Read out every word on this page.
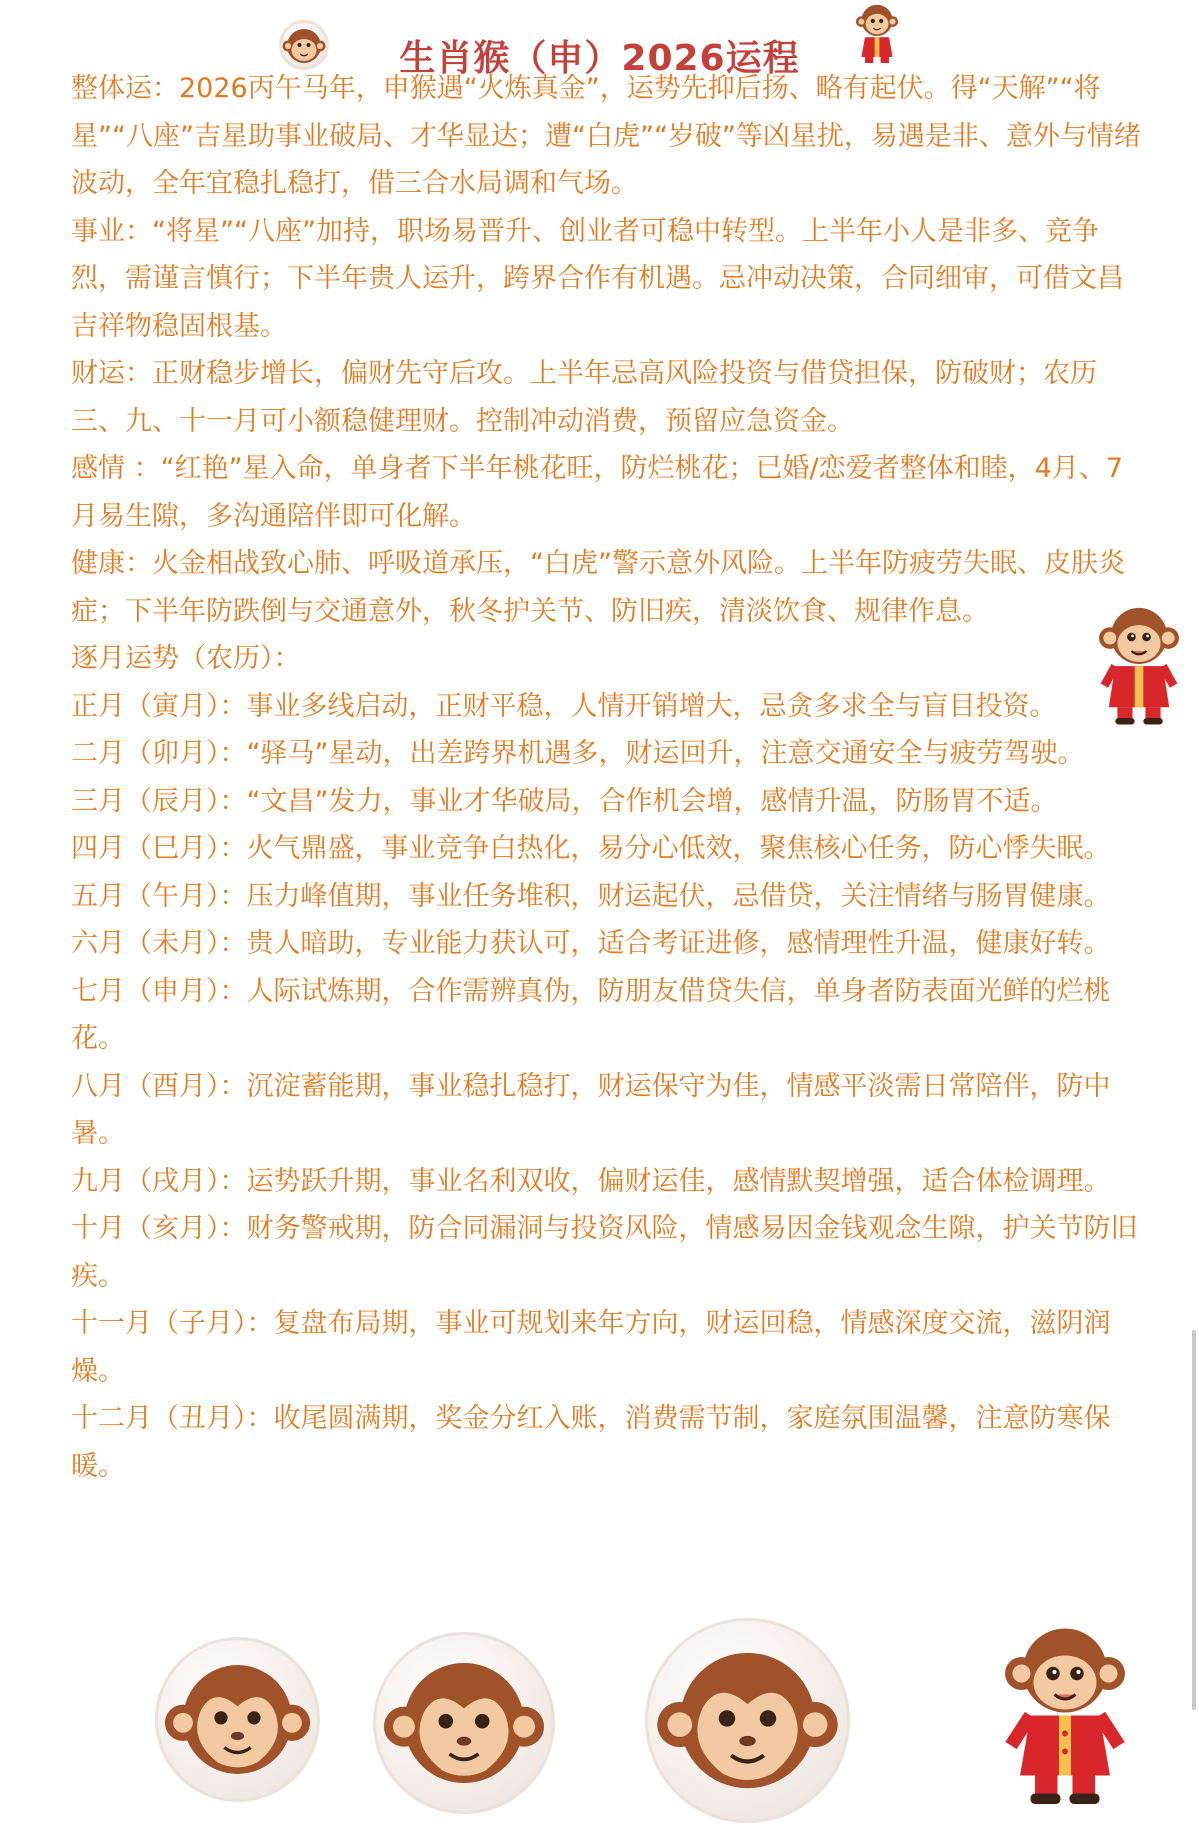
生肖猴（申）2026运程

整体运：2026丙午马年，申猴遇“火炼真金”，运势先抑后扬、略有起伏。得“天解”“将星”“八座”吉星助事业破局、才华显达；遭“白虎”“岁破”等凶星扰，易遇是非、意外与情绪波动，全年宜稳扎稳打，借三合水局调和气场。

事业：“将星”“八座”加持，职场易晋升、创业者可稳中转型。上半年小人是非多、竞争烈，需谨言慎行；下半年贵人运升，跨界合作有机遇。忌冲动决策，合同细审，可借文昌吉祥物稳固根基。

财运：正财稳步增长，偏财先守后攻。上半年忌高风险投资与借贷担保，防破财；农历三、九、十一月可小额稳健理财。控制冲动消费，预留应急资金。

感情 ：“红艳”星入命，单身者下半年桃花旺，防烂桃花；已婚/恋爱者整体和睦，4月、7月易生隙，多沟通陪伴即可化解。

健康：火金相战致心肺、呼吸道承压，“白虎”警示意外风险。上半年防疲劳失眠、皮肤炎症；下半年防跌倒与交通意外，秋冬护关节、防旧疾，清淡饮食、规律作息。

逐月运势（农历）：

正月（寅月）：事业多线启动，正财平稳，人情开销增大，忌贪多求全与盲目投资。

二月（卯月）：“驿马”星动，出差跨界机遇多，财运回升，注意交通安全与疲劳驾驶。

三月（辰月）：“文昌”发力，事业才华破局，合作机会增，感情升温，防肠胃不适。

四月（巳月）：火气鼎盛，事业竞争白热化，易分心低效，聚焦核心任务，防心悸失眠。

五月（午月）：压力峰值期，事业任务堆积，财运起伏，忌借贷，关注情绪与肠胃健康。

六月（未月）：贵人暗助，专业能力获认可，适合考证进修，感情理性升温，健康好转。

七月（申月）：人际试炼期，合作需辨真伪，防朋友借贷失信，单身者防表面光鲜的烂桃花。

八月（酉月）：沉淀蓄能期，事业稳扎稳打，财运保守为佳，情感平淡需日常陪伴，防中暑。

九月（戌月）：运势跃升期，事业名利双收，偏财运佳，感情默契增强，适合体检调理。

十月（亥月）：财务警戒期，防合同漏洞与投资风险，情感易因金钱观念生隙，护关节防旧疾。

十一月（子月）：复盘布局期，事业可规划来年方向，财运回稳，情感深度交流，滋阴润燥。

十二月（丑月）：收尾圆满期，奖金分红入账，消费需节制，家庭氛围温馨，注意防寒保暖。
